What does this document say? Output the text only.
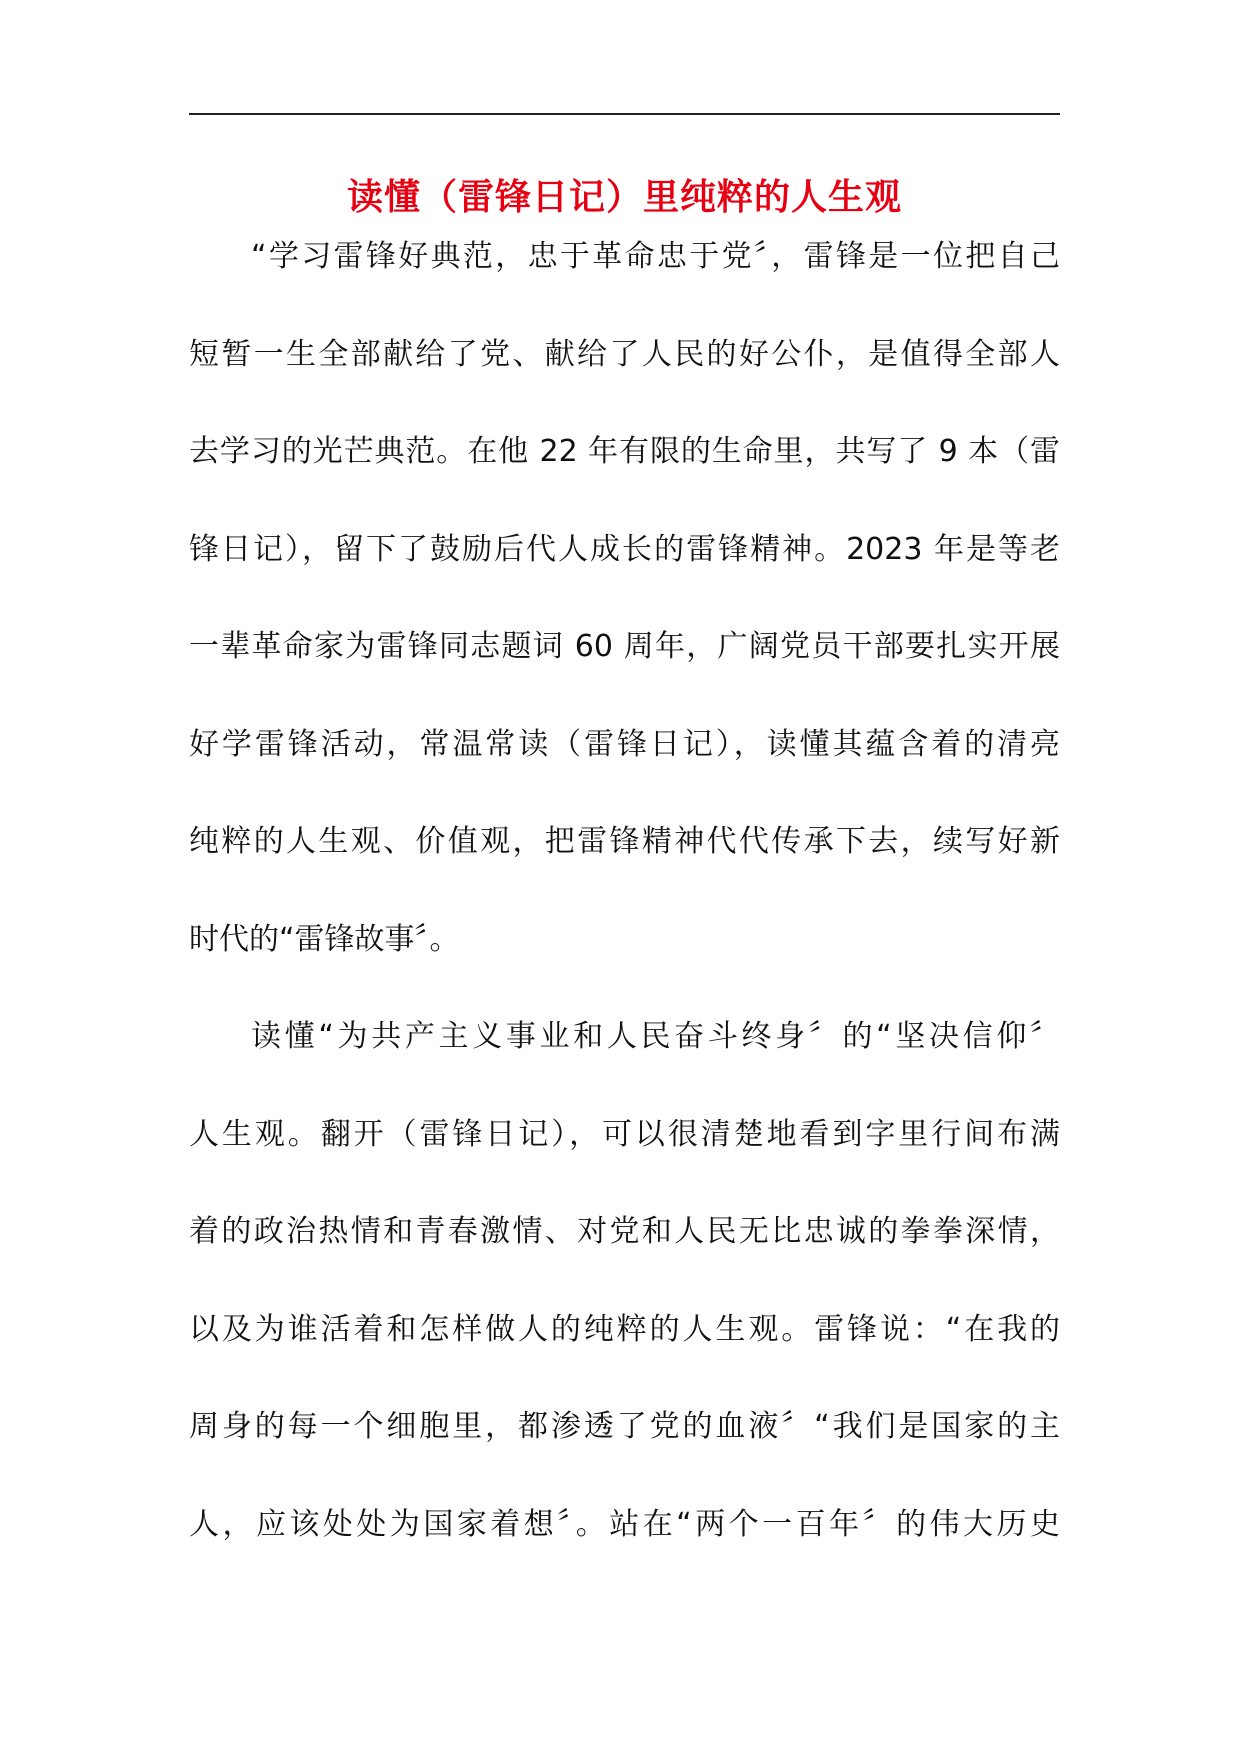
读懂（雷锋日记）里纯粹的人生观
“学习雷锋好典范，忠于革命忠于党〞，雷锋是一位把自己
短暂一生全部献给了党、献给了人民的好公仆，是值得全部人
去学习的光芒典范。在他 22 年有限的生命里，共写了 9 本（雷
锋日记），留下了鼓励后代人成长的雷锋精神。2023 年是等老
一辈革命家为雷锋同志题词 60 周年，广阔党员干部要扎实开展
好学雷锋活动，常温常读（雷锋日记），读懂其蕴含着的清亮
纯粹的人生观、价值观，把雷锋精神代代传承下去，续写好新
时代的“雷锋故事〞。
读懂“为共产主义事业和人民奋斗终身〞的“坚决信仰〞
人生观。翻开（雷锋日记），可以很清楚地看到字里行间布满
着的政治热情和青春激情、对党和人民无比忠诚的拳拳深情，
以及为谁活着和怎样做人的纯粹的人生观。雷锋说：“在我的
周身的每一个细胞里，都渗透了党的血液〞“我们是国家的主
人，应该处处为国家着想〞。站在“两个一百年〞的伟大历史
